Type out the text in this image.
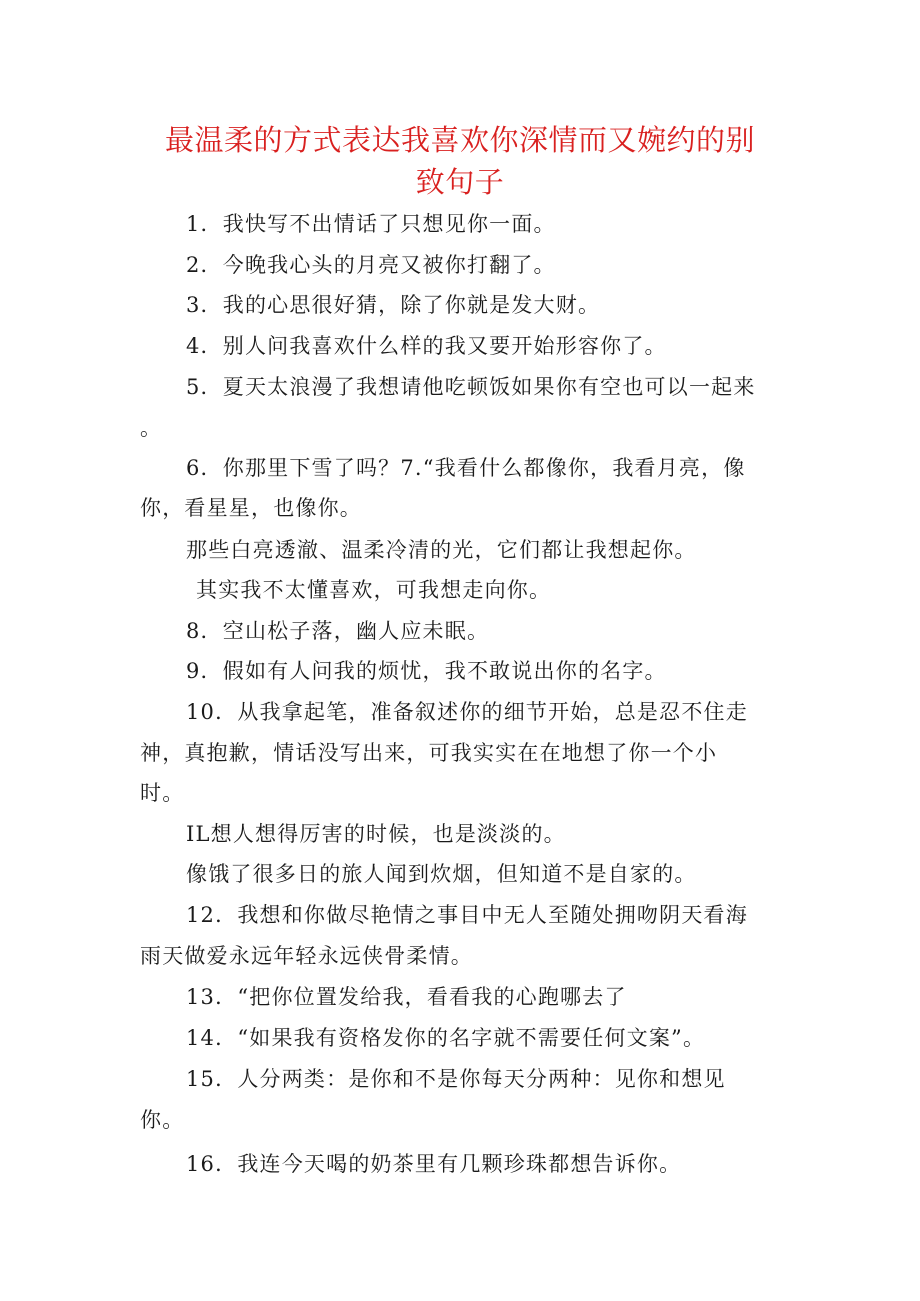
最温柔的方式表达我喜欢你深情而又婉约的别
致句子
1．我快写不出情话了只想见你一面。
2．今晚我心头的月亮又被你打翻了。
3．我的心思很好猜，除了你就是发大财。
4．别人问我喜欢什么样的我又要开始形容你了。
5．夏天太浪漫了我想请他吃顿饭如果你有空也可以一起来
。
6．你那里下雪了吗？7.“我看什么都像你，我看月亮，像
你，看星星，也像你。
那些白亮透澈、温柔冷清的光，它们都让我想起你。
其实我不太懂喜欢，可我想走向你。
8．空山松子落，幽人应未眠。
9．假如有人问我的烦忧，我不敢说出你的名字。
10．从我拿起笔，准备叙述你的细节开始，总是忍不住走
神，真抱歉，情话没写出来，可我实实在在地想了你一个小
时。
IL想人想得厉害的时候，也是淡淡的。
像饿了很多日的旅人闻到炊烟，但知道不是自家的。
12．我想和你做尽艳情之事目中无人至随处拥吻阴天看海
雨天做爱永远年轻永远侠骨柔情。
13．“把你位置发给我，看看我的心跑哪去了
14．“如果我有资格发你的名字就不需要任何文案”。
15．人分两类：是你和不是你每天分两种：见你和想见
你。
16．我连今天喝的奶茶里有几颗珍珠都想告诉你。
